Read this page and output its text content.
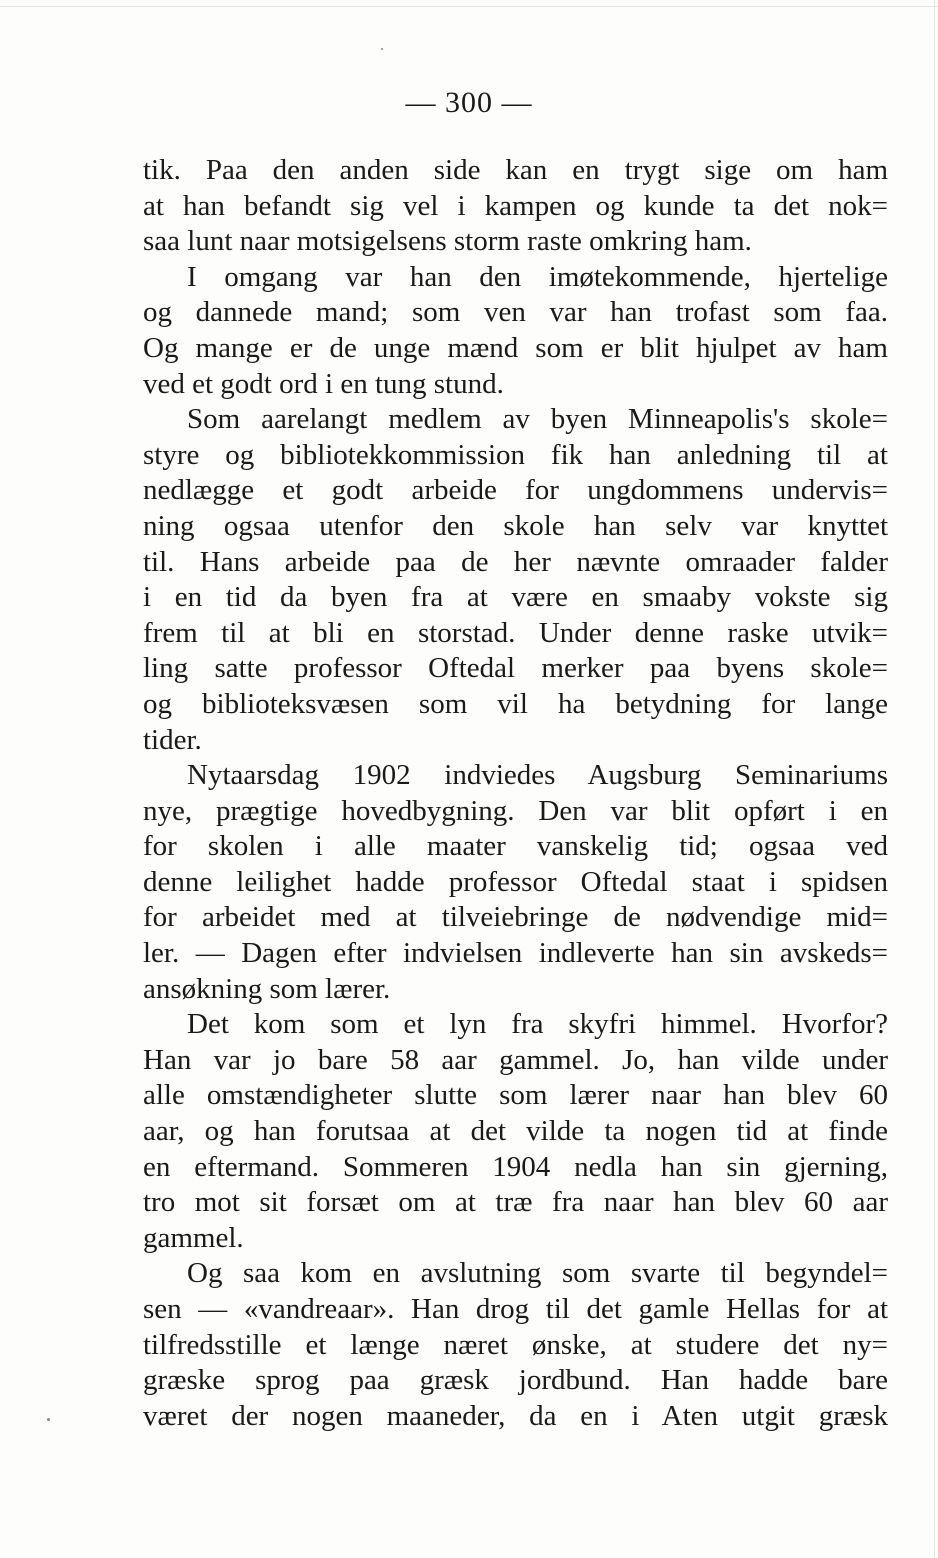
— 300 —

tik. Paa den anden side kan en trygt sige om ham
at han befandt sig vel i kampen og kunde ta det nok=
saa lunt naar motsigelsens storm raste omkring ham.
I omgang var han den imøtekommende, hjertelige
og dannede mand; som ven var han trofast som faa.
Og mange er de unge mænd som er blit hjulpet av ham
ved et godt ord i en tung stund.
Som aarelangt medlem av byen Minneapolis's skole=
styre og bibliotekkommission fik han anledning til at
nedlægge et godt arbeide for ungdommens undervis=
ning ogsaa utenfor den skole han selv var knyttet
til. Hans arbeide paa de her nævnte omraader falder
i en tid da byen fra at være en smaaby vokste sig
frem til at bli en storstad. Under denne raske utvik=
ling satte professor Oftedal merker paa byens skole=
og biblioteksvæsen som vil ha betydning for lange
tider.
Nytaarsdag 1902 indviedes Augsburg Seminariums
nye, prægtige hovedbygning. Den var blit opført i en
for skolen i alle maater vanskelig tid; ogsaa ved
denne leilighet hadde professor Oftedal staat i spidsen
for arbeidet med at tilveiebringe de nødvendige mid=
ler. — Dagen efter indvielsen indleverte han sin avskeds=
ansøkning som lærer.
Det kom som et lyn fra skyfri himmel. Hvorfor?
Han var jo bare 58 aar gammel. Jo, han vilde under
alle omstændigheter slutte som lærer naar han blev 60
aar, og han forutsaa at det vilde ta nogen tid at finde
en eftermand. Sommeren 1904 nedla han sin gjerning,
tro mot sit forsæt om at træ fra naar han blev 60 aar
gammel.
Og saa kom en avslutning som svarte til begyndel=
sen — «vandreaar». Han drog til det gamle Hellas for at
tilfredsstille et længe næret ønske, at studere det ny=
græske sprog paa græsk jordbund. Han hadde bare
været der nogen maaneder, da en i Aten utgit græsk
